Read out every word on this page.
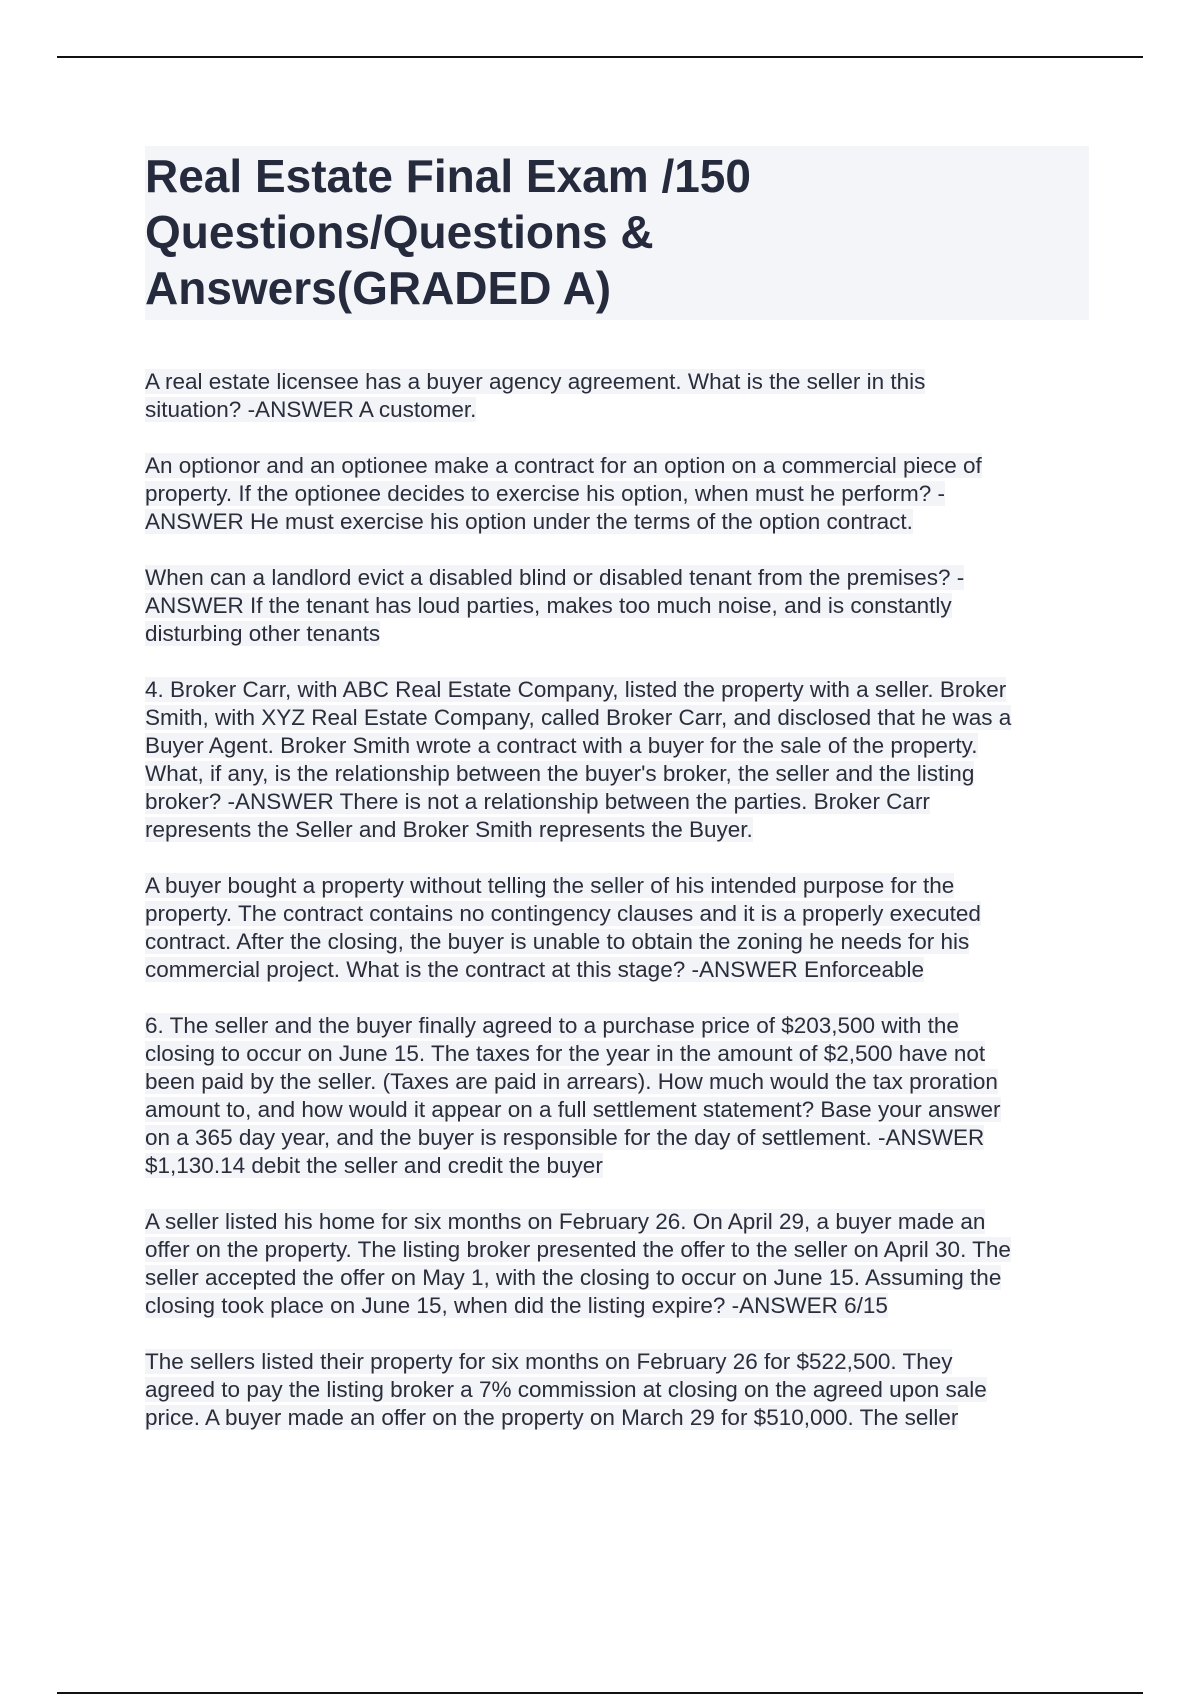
Real Estate Final Exam /150
Questions/Questions &
Answers(GRADED A)

A real estate licensee has a buyer agency agreement. What is the seller in this
situation? -ANSWER A customer.

An optionor and an optionee make a contract for an option on a commercial piece of
property. If the optionee decides to exercise his option, when must he perform? -
ANSWER He must exercise his option under the terms of the option contract.

When can a landlord evict a disabled blind or disabled tenant from the premises? -
ANSWER If the tenant has loud parties, makes too much noise, and is constantly
disturbing other tenants

4. Broker Carr, with ABC Real Estate Company, listed the property with a seller. Broker
Smith, with XYZ Real Estate Company, called Broker Carr, and disclosed that he was a
Buyer Agent. Broker Smith wrote a contract with a buyer for the sale of the property.
What, if any, is the relationship between the buyer's broker, the seller and the listing
broker? -ANSWER There is not a relationship between the parties. Broker Carr
represents the Seller and Broker Smith represents the Buyer.

A buyer bought a property without telling the seller of his intended purpose for the
property. The contract contains no contingency clauses and it is a properly executed
contract. After the closing, the buyer is unable to obtain the zoning he needs for his
commercial project. What is the contract at this stage? -ANSWER Enforceable

6. The seller and the buyer finally agreed to a purchase price of $203,500 with the
closing to occur on June 15. The taxes for the year in the amount of $2,500 have not
been paid by the seller. (Taxes are paid in arrears). How much would the tax proration
amount to, and how would it appear on a full settlement statement? Base your answer
on a 365 day year, and the buyer is responsible for the day of settlement. -ANSWER
$1,130.14 debit the seller and credit the buyer

A seller listed his home for six months on February 26. On April 29, a buyer made an
offer on the property. The listing broker presented the offer to the seller on April 30. The
seller accepted the offer on May 1, with the closing to occur on June 15. Assuming the
closing took place on June 15, when did the listing expire? -ANSWER 6/15

The sellers listed their property for six months on February 26 for $522,500. They
agreed to pay the listing broker a 7% commission at closing on the agreed upon sale
price. A buyer made an offer on the property on March 29 for $510,000. The seller
